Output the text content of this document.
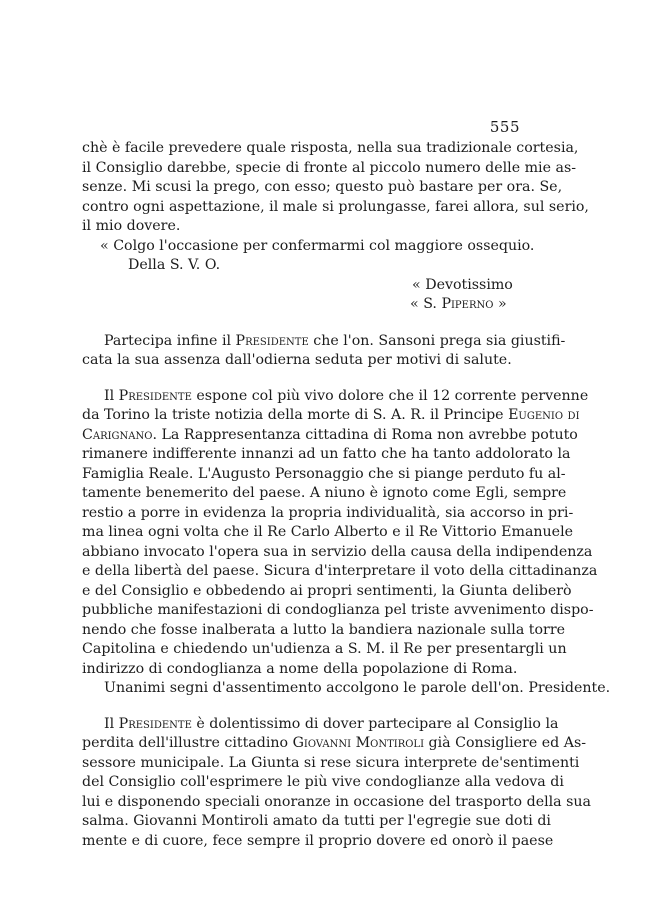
555
chè è facile prevedere quale risposta, nella sua tradizionale cortesia,
il Consiglio darebbe, specie di fronte al piccolo numero delle mie as-
senze. Mi scusi la prego, con esso; questo può bastare per ora. Se,
contro ogni aspettazione, il male si prolungasse, farei allora, sul serio,
il mio dovere.
« Colgo l'occasione per confermarmi col maggiore ossequio.
Della S. V. O.
« Devotissimo
« S. Piperno »
Partecipa infine il Presidente che l'on. Sansoni prega sia giustifi-
cata la sua assenza dall'odierna seduta per motivi di salute.
Il Presidente espone col più vivo dolore che il 12 corrente pervenne
da Torino la triste notizia della morte di S. A. R. il Principe Eugenio di
Carignano. La Rappresentanza cittadina di Roma non avrebbe potuto
rimanere indifferente innanzi ad un fatto che ha tanto addolorato la
Famiglia Reale. L'Augusto Personaggio che si piange perduto fu al-
tamente benemerito del paese. A niuno è ignoto come Egli, sempre
restio a porre in evidenza la propria individualità, sia accorso in pri-
ma linea ogni volta che il Re Carlo Alberto e il Re Vittorio Emanuele
abbiano invocato l'opera sua in servizio della causa della indipendenza
e della libertà del paese. Sicura d'interpretare il voto della cittadinanza
e del Consiglio e obbedendo ai propri sentimenti, la Giunta deliberò
pubbliche manifestazioni di condoglianza pel triste avvenimento dispo-
nendo che fosse inalberata a lutto la bandiera nazionale sulla torre
Capitolina e chiedendo un'udienza a S. M. il Re per presentargli un
indirizzo di condoglianza a nome della popolazione di Roma.
Unanimi segni d'assentimento accolgono le parole dell'on. Presidente.
Il Presidente è dolentissimo di dover partecipare al Consiglio la
perdita dell'illustre cittadino Giovanni Montiroli già Consigliere ed As-
sessore municipale. La Giunta si rese sicura interprete de'sentimenti
del Consiglio coll'esprimere le più vive condoglianze alla vedova di
lui e disponendo speciali onoranze in occasione del trasporto della sua
salma. Giovanni Montiroli amato da tutti per l'egregie sue doti di
mente e di cuore, fece sempre il proprio dovere ed onorò il paese
